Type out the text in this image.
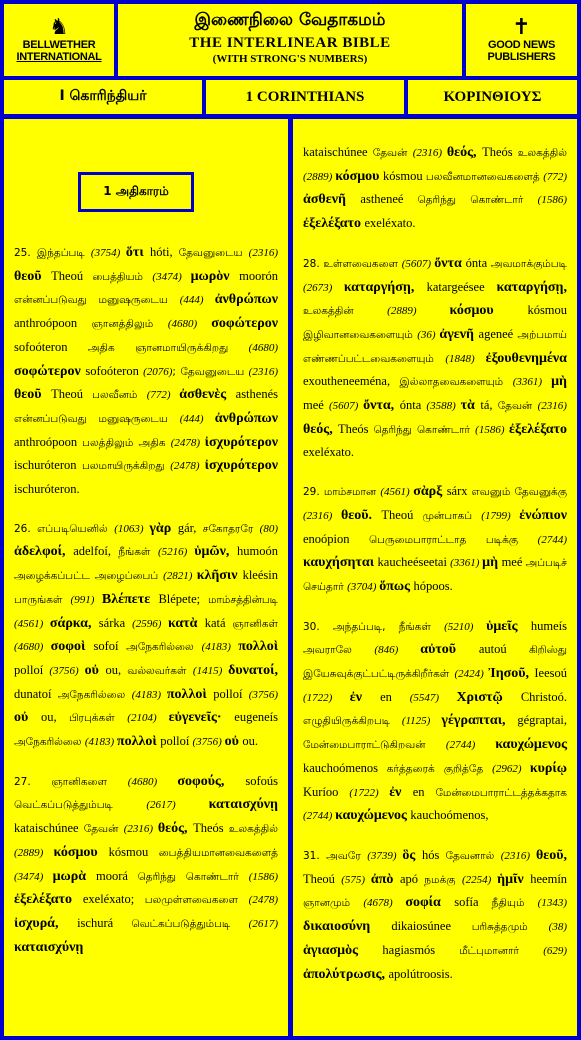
♞
BELLWETHER
INTERNATIONAL
இணைநிலை வேதாகமம்
THE INTERLINEAR BIBLE
(WITH STRONG'S NUMBERS)
✝
GOOD NEWS
PUBLISHERS
I கொரிந்தியர்	1 CORINTHIANS	ΚΟΡΙΝΘΙΟΥΣ

25. இந்தப்படி (3754) ὅτι hóti, தேவனுடைய (2316) θεοῦ Theoú பைத்தியம் (3474) μωρὸν moorón என்னப்படுவது மனுஷருடைய (444) ἀνθρώπων anthroópoon ஞானத்திலும் (4680) σοφώτερον sofoóteron அதிக ஞானமாயிருக்கிறது (4680) σοφώτερον sofoóteron (2076); தேவனுடைய (2316) θεοῦ Theoú பலவீனம் (772) ἀσθενὲς asthenés என்னப்படுவது மனுஷருடைய (444) ἀνθρώπων anthroópoon பலத்திலும் அதிக (2478) ἰσχυρότερον ischuróteron பலமாயிருக்கிறது (2478) ἰσχυρότερον ischuróteron.

26. எப்படியெனில் (1063) γὰρ gár, சகோதரரே (80) ἀδελφοί, adelfoí, நீங்கள் (5216) ὑμῶν, humoón அழைக்கப்பட்ட அழைப்பைப் (2821) κλῆσιν kleésin பாருங்கள் (991) Βλέπετε Blépete; மாம்சத்தின்படி (4561) σάρκα, sárka (2596) κατὰ katá ஞானிகள் (4680) σοφοὶ sofoí அநேகரில்லை (4183) πολλοὶ polloí (3756) οὐ ou, வல்லவர்கள் (1415) δυνατοί, dunatoí அநேகரில்லை (4183) πολλοὶ polloí (3756) οὐ ou, பிரபுக்கள் (2104) εὐγενεῖς· eugeneís அநேகரில்லை (4183) πολλοὶ polloí (3756) οὐ ou.

27. ஞானிகளை (4680) σοφούς, sofoús வெட்கப்படுத்தும்படி (2617) καταισχύνῃ kataischúnee தேவன் (2316) θεός, Theós உலகத்தில் (2889) κόσμου kósmou பைத்தியமானவைகளைத் (3474) μωρὰ moorá தெரிந்து கொண்டார் (1586) ἐξελέξατο exeléxato; பலமுள்ளவைகளை (2478) ἰσχυρά, ischurá வெட்கப்படுத்தும்படி (2617) καταισχύνῃ

1 அதிகாரம்

kataischúnee தேவன் (2316) θεός, Theós உலகத்தில் (2889) κόσμου kósmou பலவீனமானவைகளைத் (772) ἀσθενῆ astheneé தெரிந்து கொண்டார் (1586) ἐξελέξατο exeléxato.

28. உள்ளவைகளை (5607) ὄντα ónta அவமாக்கும்படி (2673) καταργήσῃ, katargeésee καταργήσῃ, உலகத்தின் (2889) κόσμου kósmou இழிவானவைகளையும் (36) ἀγενῆ ageneé அற்பமாய் எண்ணப்பட்டவைகளையும் (1848) ἐξουθενημένα exoutheneeména, இல்லாதவைகளையும் (3361) μὴ meé (5607) ὄντα, ónta (3588) τὰ tá, தேவன் (2316) θεός, Theós தெரிந்து கொண்டார் (1586) ἐξελέξατο exeléxato.

29. மாம்சமான (4561) σὰρξ sárx எவனும் தேவனுக்கு (2316) θεοῦ. Theoú முன்பாகப் (1799) ἐνώπιον enoópion பெருமைபாராட்டாத படிக்கு (2744) καυχήσηται kaucheéseetai (3361) μὴ meé அப்படிச் செய்தார் (3704) ὅπως hópoos.

30. அந்தப்படி, நீங்கள் (5210) ὑμεῖς humeís அவராலே (846) αὐτοῦ autoú கிறிஸ்து இயேசுவுக்குட்பட்டிருக்கிறீர்கள் (2424) Ἰησοῦ, Ieesoú (1722) ἐν en (5547) Χριστῷ Christoó. எழுதியிருக்கிறபடி (1125) γέγραπται, gégraptai, மேன்மைபாராட்டுகிறவன் (2744) καυχώμενος kauchoómenos கர்த்தரைக் குறித்தே (2962) κυρίῳ Kuríoo (1722) ἐν en மேன்மைபாராட்டத்தக்கதாக (2744) καυχώμενος kauchoómenos,

31. அவரே (3739) ὃς hós தேவனால் (2316) θεοῦ, Theoú (575) ἀπὸ apó நமக்கு (2254) ἡμῖν heemín ஞானமும் (4678) σοφία sofía நீதியும் (1343) δικαιοσύνη dikaiosúnee பரிசுத்தமும் (38) ἁγιασμὸς hagiasmós மீட்புமானார் (629) ἀπολύτρωσις, apolútroosis.
